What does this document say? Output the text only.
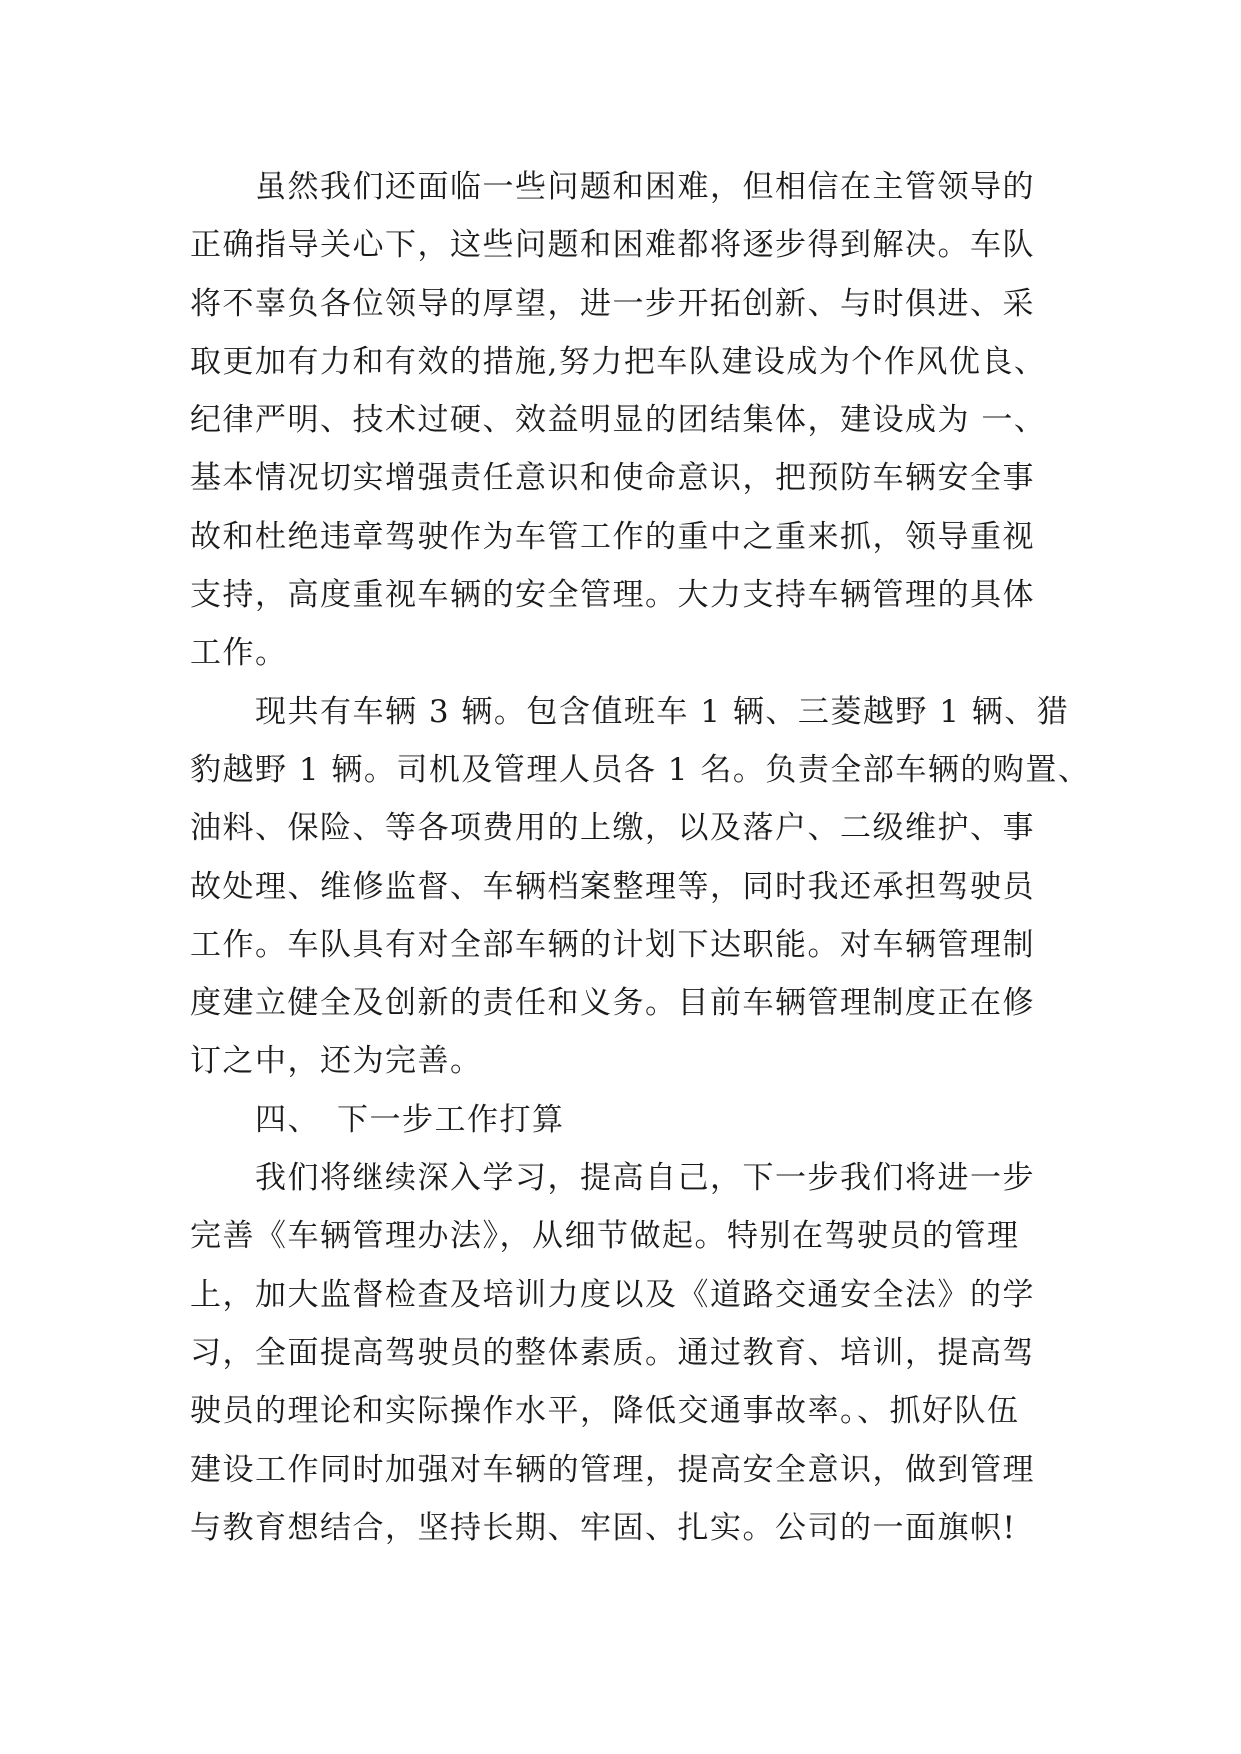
　　虽然我们还面临一些问题和困难，但相信在主管领导的
正确指导关心下，这些问题和困难都将逐步得到解决。车队
将不辜负各位领导的厚望，进一步开拓创新、与时俱进、采
取更加有力和有效的措施,努力把车队建设成为个作风优良、
纪律严明、技术过硬、效益明显的团结集体，建设成为 一、
基本情况切实增强责任意识和使命意识，把预防车辆安全事
故和杜绝违章驾驶作为车管工作的重中之重来抓，领导重视
支持，高度重视车辆的安全管理。大力支持车辆管理的具体
工作。
　　现共有车辆 3 辆。包含值班车 1 辆、三菱越野 1 辆、猎
豹越野 1 辆。司机及管理人员各 1 名。负责全部车辆的购置、
油料、保险、等各项费用的上缴，以及落户、二级维护、事
故处理、维修监督、车辆档案整理等，同时我还承担驾驶员
工作。车队具有对全部车辆的计划下达职能。对车辆管理制
度建立健全及创新的责任和义务。目前车辆管理制度正在修
订之中，还为完善。
　　四、　下一步工作打算
　　我们将继续深入学习，提高自己，下一步我们将进一步
完善《车辆管理办法》，从细节做起。特别在驾驶员的管理
上，加大监督检查及培训力度以及《道路交通安全法》的学
习，全面提高驾驶员的整体素质。通过教育、培训，提高驾
驶员的理论和实际操作水平，降低交通事故率。、抓好队伍
建设工作同时加强对车辆的管理，提高安全意识，做到管理
与教育想结合，坚持长期、牢固、扎实。公司的一面旗帜!
